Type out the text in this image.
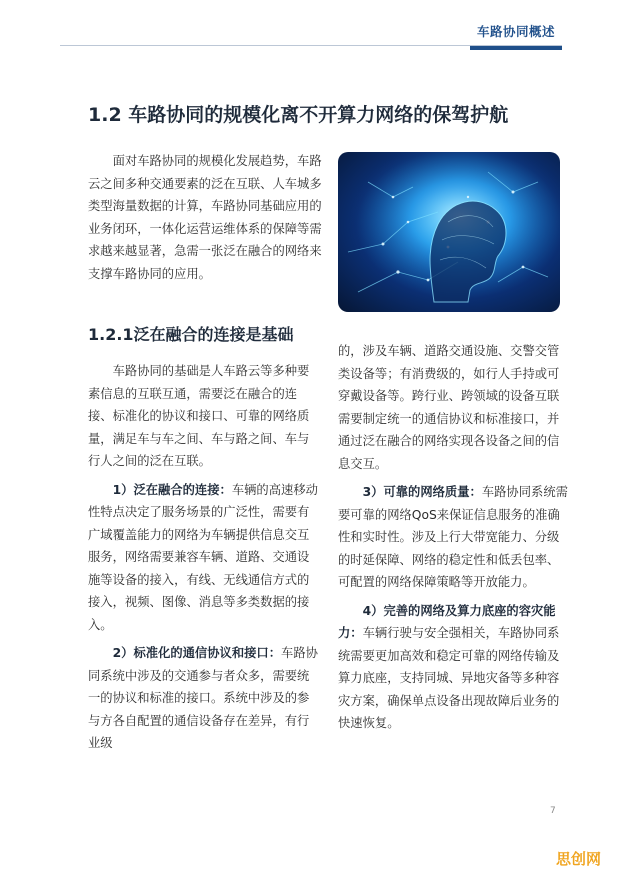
车路协同概述
1.2 车路协同的规模化离不开算力网络的保驾护航

面对车路协同的规模化发展趋势，车路云之间多种交通要素的泛在互联、人车城多类型海量数据的计算，车路协同基础应用的业务闭环，一体化运营运维体系的保障等需求越来越显著，急需一张泛在融合的网络来支撑车路协同的应用。

1.2.1泛在融合的连接是基础

车路协同的基础是人车路云等多种要素信息的互联互通，需要泛在融合的连接、标准化的协议和接口、可靠的网络质量，满足车与车之间、车与路之间、车与行人之间的泛在互联。

1）泛在融合的连接：车辆的高速移动性特点决定了服务场景的广泛性，需要有广域覆盖能力的网络为车辆提供信息交互服务，网络需要兼容车辆、道路、交通设施等设备的接入，有线、无线通信方式的接入，视频、图像、消息等多类数据的接入。

2）标准化的通信协议和接口：车路协同系统中涉及的交通参与者众多，需要统一的协议和标准的接口。系统中涉及的参与方各自配置的通信设备存在差异，有行业级

的，涉及车辆、道路交通设施、交警交管类设备等；有消费级的，如行人手持或可穿戴设备等。跨行业、跨领域的设备互联需要制定统一的通信协议和标准接口，并通过泛在融合的网络实现各设备之间的信息交互。

3）可靠的网络质量：车路协同系统需要可靠的网络QoS来保证信息服务的准确性和实时性。涉及上行大带宽能力、分级的时延保障、网络的稳定性和低丢包率、可配置的网络保障策略等开放能力。

4）完善的网络及算力底座的容灾能力：车辆行驶与安全强相关，车路协同系统需要更加高效和稳定可靠的网络传输及算力底座，支持同城、异地灾备等多种容灾方案，确保单点设备出现故障后业务的快速恢复。

7
思创网
